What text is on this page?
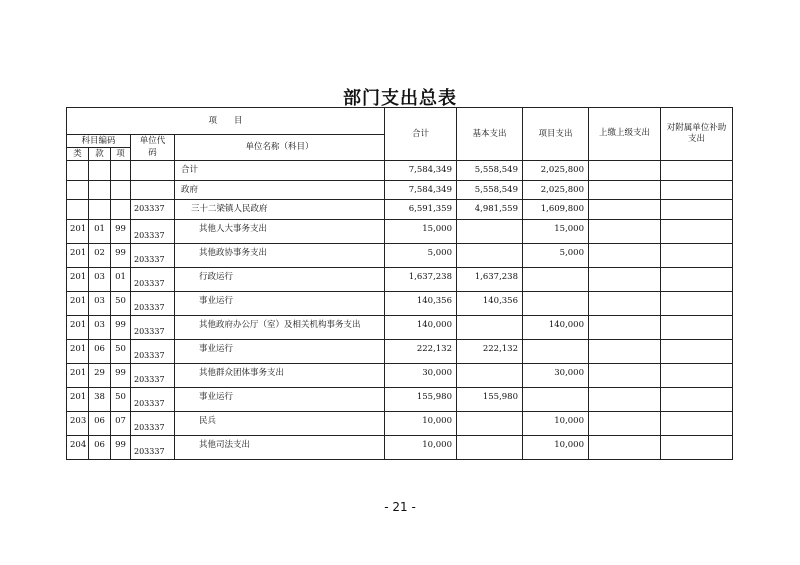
部门支出总表
项　　目					合计	基本支出	项目支出	上缴上级支出	对附属单位补助支出
科目编码			单位代码	单位名称（科目）					
类	款	项							
				合计	7,584,349	5,558,549	2,025,800		
				政府	7,584,349	5,558,549	2,025,800		
			203337	三十二梁镇人民政府	6,591,359	4,981,559	1,609,800		
201	01	99	203337	其他人大事务支出	15,000		15,000		
201	02	99	203337	其他政协事务支出	5,000		5,000		
201	03	01	203337	行政运行	1,637,238	1,637,238			
201	03	50	203337	事业运行	140,356	140,356			
201	03	99	203337	其他政府办公厅（室）及相关机构事务支出	140,000		140,000		
201	06	50	203337	事业运行	222,132	222,132			
201	29	99	203337	其他群众团体事务支出	30,000		30,000		
201	38	50	203337	事业运行	155,980	155,980			
203	06	07	203337	民兵	10,000		10,000		
204	06	99	203337	其他司法支出	10,000		10,000		
- 21 -
